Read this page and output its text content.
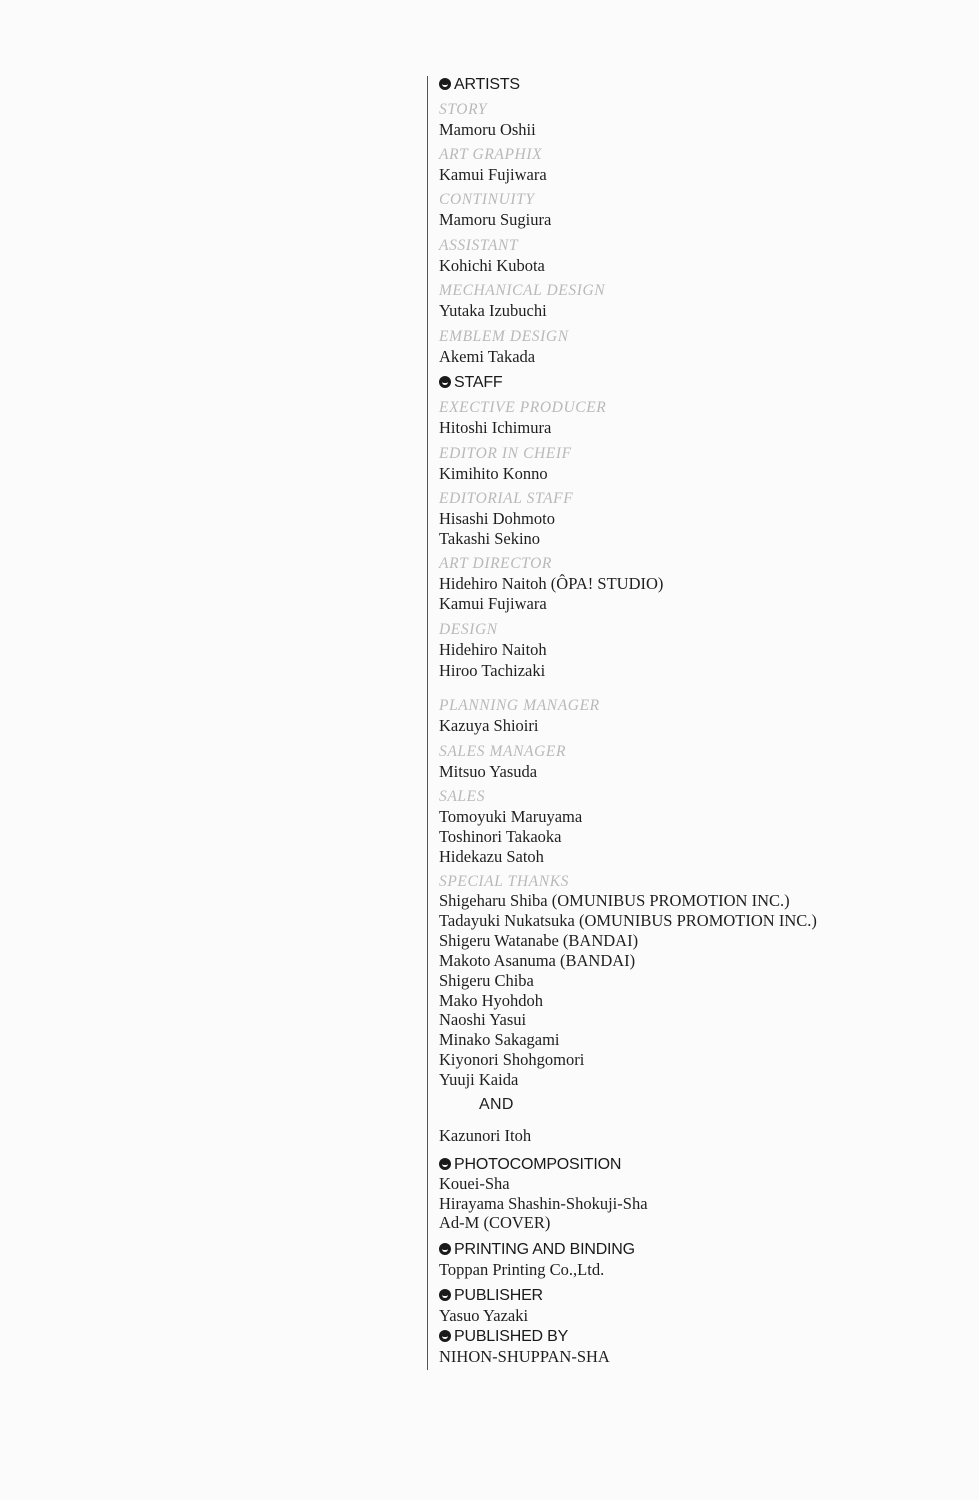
ARTISTS
STORY
Mamoru Oshii
ART GRAPHIX
Kamui Fujiwara
CONTINUITY
Mamoru Sugiura
ASSISTANT
Kohichi Kubota
MECHANICAL DESIGN
Yutaka Izubuchi
EMBLEM DESIGN
Akemi Takada
STAFF
EXECTIVE PRODUCER
Hitoshi Ichimura
EDITOR IN CHEIF
Kimihito Konno
EDITORIAL STAFF
Hisashi Dohmoto
Takashi Sekino
ART DIRECTOR
Hidehiro Naitoh (ÔPA! STUDIO)
Kamui Fujiwara
DESIGN
Hidehiro Naitoh
Hiroo Tachizaki
PLANNING MANAGER
Kazuya Shioiri
SALES MANAGER
Mitsuo Yasuda
SALES
Tomoyuki Maruyama
Toshinori Takaoka
Hidekazu Satoh
SPECIAL THANKS
Shigeharu Shiba (OMUNIBUS PROMOTION INC.)
Tadayuki Nukatsuka (OMUNIBUS PROMOTION INC.)
Shigeru Watanabe (BANDAI)
Makoto Asanuma (BANDAI)
Shigeru Chiba
Mako Hyohdoh
Naoshi Yasui
Minako Sakagami
Kiyonori Shohgomori
Yuuji Kaida
AND
Kazunori Itoh
PHOTOCOMPOSITION
Kouei-Sha
Hirayama Shashin-Shokuji-Sha
Ad-M (COVER)
PRINTING AND BINDING
Toppan Printing Co.,Ltd.
PUBLISHER
Yasuo Yazaki
PUBLISHED BY
NIHON-SHUPPAN-SHA
